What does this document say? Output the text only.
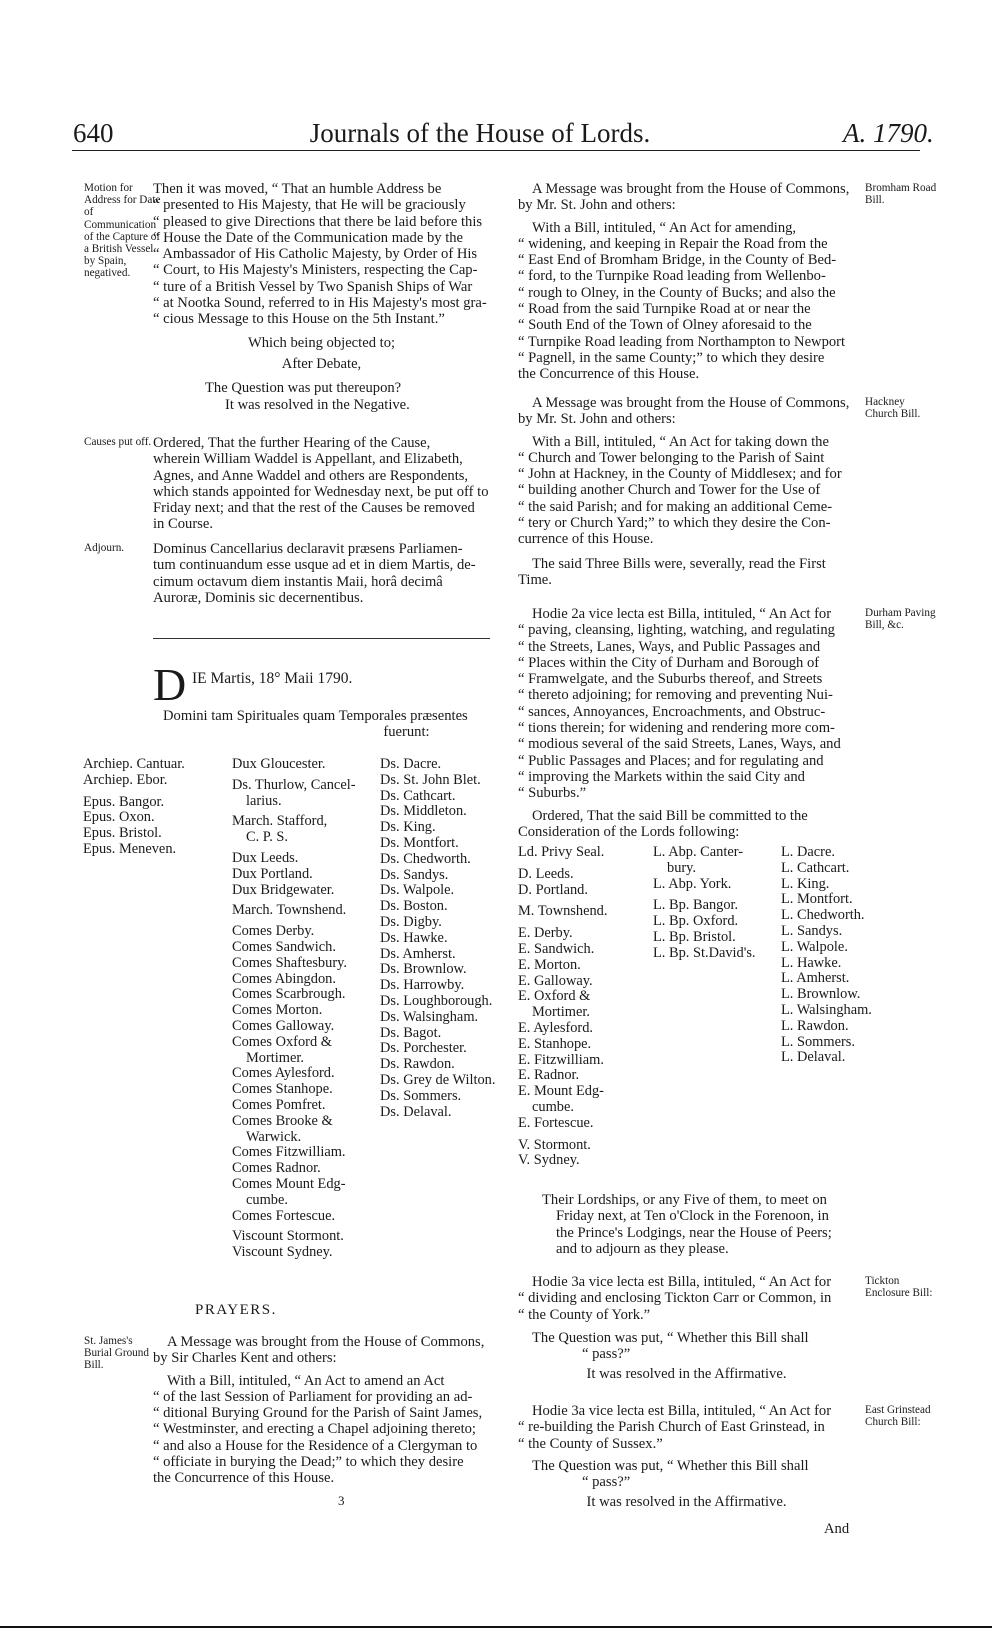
640	Journals of the House of Lords.	A. 1790.
Motion for Address for Date of Communication of the Capture of a British Vessel by Spain, negatived.
Then it was moved, “ That an humble Address be
“ presented to His Majesty, that He will be graciously
“ pleased to give Directions that there be laid before this
“ House the Date of the Communication made by the
“ Ambassador of His Catholic Majesty, by Order of His
“ Court, to His Majesty's Ministers, respecting the Cap-
“ ture of a British Vessel by Two Spanish Ships of War
“ at Nootka Sound, referred to in His Majesty's most gra-
“ cious Message to this House on the 5th Instant.”
Which being objected to;
After Debate,
The Question was put thereupon?
It was resolved in the Negative.
Causes put off. Ordered, That the further Hearing of the Cause,
wherein William Waddel is Appellant, and Elizabeth,
Agnes, and Anne Waddel and others are Respondents,
which stands appointed for Wednesday next, be put off to
Friday next; and that the rest of the Causes be removed
in Course.
Adjourn.	Dominus Cancellarius declaravit præsens Parliamen-
tum continuandum esse usque ad et in diem Martis, de-
cimum octavum diem instantis Maii, horâ decimâ
Auroræ, Dominis sic decernentibus.
D IE Martis, 18° Maii 1790.
Domini tam Spirituales quam Temporales præsentes
fuerunt:
Archiep. Cantuar.
Archiep. Ebor.
Epus. Bangor.
Epus. Oxon.
Epus. Bristol.
Epus. Meneven.
Dux Gloucester.
Ds. Thurlow, Cancel-
larius.
March. Stafford,
C. P. S.
Dux Leeds.
Dux Portland.
Dux Bridgewater.
March. Townshend.
Comes Derby.
Comes Sandwich.
Comes Shaftesbury.
Comes Abingdon.
Comes Scarbrough.
Comes Morton.
Comes Galloway.
Comes Oxford &
Mortimer.
Comes Aylesford.
Comes Stanhope.
Comes Pomfret.
Comes Brooke &
Warwick.
Comes Fitzwilliam.
Comes Radnor.
Comes Mount Edg-
cumbe.
Comes Fortescue.
Viscount Stormont.
Viscount Sydney.
Ds. Dacre.
Ds. St. John Blet.
Ds. Cathcart.
Ds. Middleton.
Ds. King.
Ds. Montfort.
Ds. Chedworth.
Ds. Sandys.
Ds. Walpole.
Ds. Boston.
Ds. Digby.
Ds. Hawke.
Ds. Amherst.
Ds. Brownlow.
Ds. Harrowby.
Ds. Loughborough.
Ds. Walsingham.
Ds. Bagot.
Ds. Porchester.
Ds. Rawdon.
Ds. Grey de Wilton.
Ds. Sommers.
Ds. Delaval.
PRAYERS.
St. James's Burial Ground Bill.
A Message was brought from the House of Commons,
by Sir Charles Kent and others:
With a Bill, intituled, “ An Act to amend an Act
“ of the last Session of Parliament for providing an ad-
“ ditional Burying Ground for the Parish of Saint James,
“ Westminster, and erecting a Chapel adjoining thereto;
“ and also a House for the Residence of a Clergyman to
“ officiate in burying the Dead;” to which they desire
the Concurrence of this House.
3
Bromham Road Bill.
A Message was brought from the House of Commons,
by Mr. St. John and others:
With a Bill, intituled, “ An Act for amending,
“ widening, and keeping in Repair the Road from the
“ East End of Bromham Bridge, in the County of Bed-
“ ford, to the Turnpike Road leading from Wellenbo-
“ rough to Olney, in the County of Bucks; and also the
“ Road from the said Turnpike Road at or near the
“ South End of the Town of Olney aforesaid to the
“ Turnpike Road leading from Northampton to Newport
“ Pagnell, in the same County;” to which they desire
the Concurrence of this House.
Hackney Church Bill.
A Message was brought from the House of Commons,
by Mr. St. John and others:
With a Bill, intituled, “ An Act for taking down the
“ Church and Tower belonging to the Parish of Saint
“ John at Hackney, in the County of Middlesex; and for
“ building another Church and Tower for the Use of
“ the said Parish; and for making an additional Ceme-
“ tery or Church Yard;” to which they desire the Con-
currence of this House.
The said Three Bills were, severally, read the First
Time.
Durham Paving Bill, &c.
Hodie 2a vice lecta est Billa, intituled, “ An Act for
“ paving, cleansing, lighting, watching, and regulating
“ the Streets, Lanes, Ways, and Public Passages and
“ Places within the City of Durham and Borough of
“ Framwelgate, and the Suburbs thereof, and Streets
“ thereto adjoining; for removing and preventing Nui-
“ sances, Annoyances, Encroachments, and Obstruc-
“ tions therein; for widening and rendering more com-
“ modious several of the said Streets, Lanes, Ways, and
“ Public Passages and Places; and for regulating and
“ improving the Markets within the said City and
“ Suburbs.”
Ordered, That the said Bill be committed to the
Consideration of the Lords following:
Ld. Privy Seal.
D. Leeds.
D. Portland.
M. Townshend.
E. Derby.
E. Sandwich.
E. Morton.
E. Galloway.
E. Oxford &
Mortimer.
E. Aylesford.
E. Stanhope.
E. Fitzwilliam.
E. Radnor.
E. Mount Edg-
cumbe.
E. Fortescue.
V. Stormont.
V. Sydney.
L. Abp. Canter-
bury.
L. Abp. York.
L. Bp. Bangor.
L. Bp. Oxford.
L. Bp. Bristol.
L. Bp. St.David's.
L. Dacre.
L. Cathcart.
L. King.
L. Montfort.
L. Chedworth.
L. Sandys.
L. Walpole.
L. Hawke.
L. Amherst.
L. Brownlow.
L. Walsingham.
L. Rawdon.
L. Sommers.
L. Delaval.
Their Lordships, or any Five of them, to meet on
Friday next, at Ten o'Clock in the Forenoon, in
the Prince's Lodgings, near the House of Peers;
and to adjourn as they please.
Tickton Enclosure Bill:
Hodie 3a vice lecta est Billa, intituled, “ An Act for
“ dividing and enclosing Tickton Carr or Common, in
“ the County of York.”
The Question was put, “ Whether this Bill shall
“ pass?”
It was resolved in the Affirmative.
East Grinstead Church Bill:
Hodie 3a vice lecta est Billa, intituled, “ An Act for
“ re-building the Parish Church of East Grinstead, in
“ the County of Sussex.”
The Question was put, “ Whether this Bill shall
“ pass?”
It was resolved in the Affirmative.
And
